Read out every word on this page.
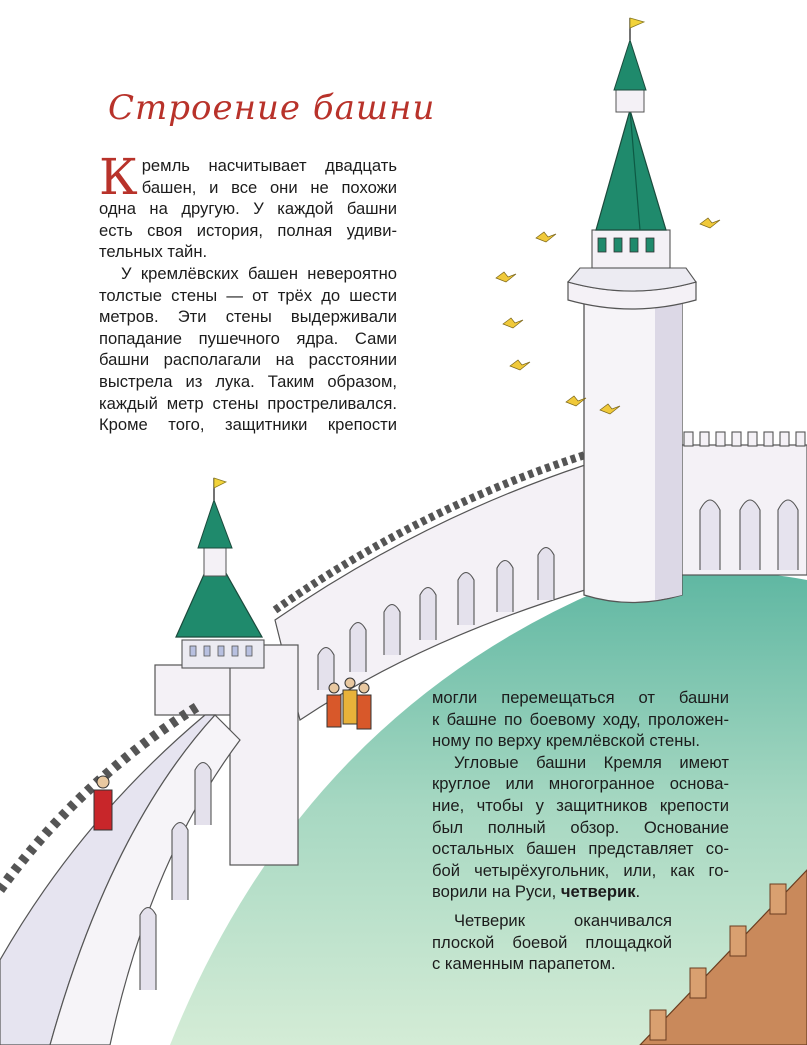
Строение башни
К ремль насчитывает двадцать

башен, и все они не похожи

одна на другую. У каждой башни

есть своя история, полная удиви-

тельных тайн.

У кремлёвских башен невероятно

толстые стены — от трёх до шести

метров. Эти стены выдерживали

попадание пушечного ядра. Сами

башни располагали на расстоянии

выстрела из лука. Таким образом,

каждый метр стены простреливался.

Кроме того, защитники крепости

могли перемещаться от башни

к башне по боевому ходу, проложен-

ному по верху кремлёвской стены.

Угловые башни Кремля имеют

круглое или многогранное основа-

ние, чтобы у защитников крепости

был полный обзор. Основание

остальных башен представляет со-

бой четырёхугольник, или, как го-

ворили на Руси, четверик.

Четверик оканчивался

плоской боевой площадкой

с каменным парапетом.
